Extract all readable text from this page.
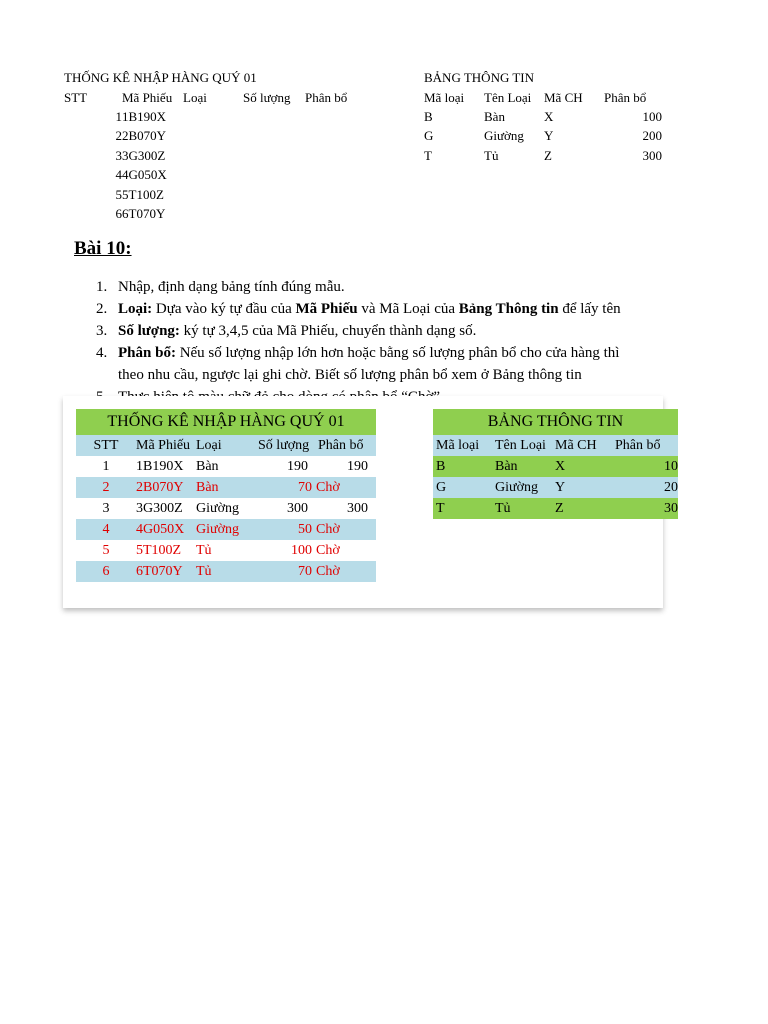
THỐNG KÊ NHẬP HÀNG QUÝ 01
STT	Mã Phiếu Loại	Số lượng	Phân bổ
1 1B190X
2 2B070Y
3 3G300Z
4 4G050X
5 5T100Z
6 6T070Y
BẢNG THÔNG TIN
Mã loại	Tên Loại Mã CH	Phân bổ
B	Bàn	X	100
G	Giường	Y	200
T	Tủ	Z	300
Bài 10:
1. Nhập, định dạng bảng tính đúng mẫu.
2. Loại: Dựa vào ký tự đầu của Mã Phiếu và Mã Loại của Bảng Thông tin để lấy tên
3. Số lượng: ký tự 3,4,5 của Mã Phiếu, chuyển thành dạng số.
4. Phân bổ: Nếu số lượng nhập lớn hơn hoặc bằng số lượng phân bổ cho cửa hàng thì
theo nhu cầu, ngược lại ghi chờ. Biết số lượng phân bổ xem ở Bảng thông tin
THỐNG KÊ NHẬP HÀNG QUÝ 01
STT	Mã Phiếu Loại	Số lượng Phân bổ
1	1B190X Bàn	190	190
2	2B070Y Bàn	70 Chờ
3	3G300Z Giường	300	300
4	4G050X Giường	50 Chờ
5	5T100Z	Tủ	100 Chờ
6	6T070Y Tủ	70 Chờ
BẢNG THÔNG TIN
Mã loại	Tên Loại Mã CH	Phân bổ
B	Bàn	X	10
G	Giường	Y	20
T	Tủ	Z	30
